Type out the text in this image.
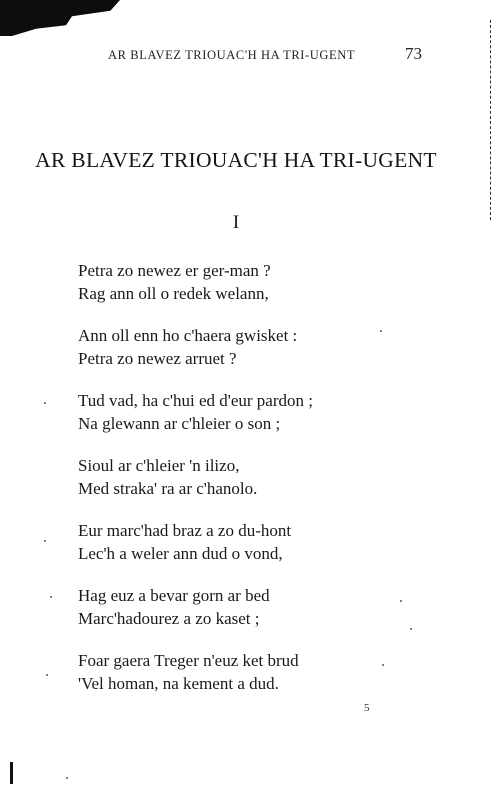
AR BLAVEZ TRIOUAC'H HA TRI-UGENT	73
AR BLAVEZ TRIOUAC'H HA TRI-UGENT
I
Petra zo newez er ger-man ?
Rag ann oll o redek welann,
Ann oll enn ho c'haera gwisket :
Petra zo newez arruet ?
Tud vad, ha c'hui ed d'eur pardon ;
Na glewann ar c'hleier o son ;
Sioul ar c'hleier 'n ilizo,
Med straka' ra ar c'hanolo.
Eur marc'had braz a zo du-hont
Lec'h a weler ann dud o vond,
Hag euz a bevar gorn ar bed
Marc'hadourez a zo kaset ;
Foar gaera Treger n'euz ket brud
'Vel homan, na kement a dud.
5
